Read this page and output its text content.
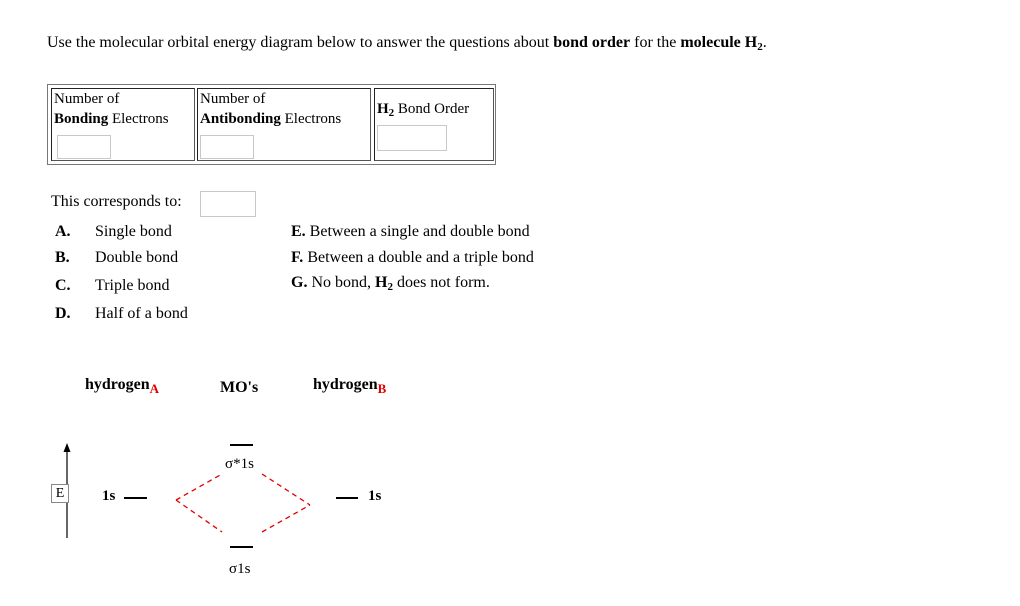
Use the molecular orbital energy diagram below to answer the questions about bond order for the molecule H2.
Number of
Bonding Electrons
Number of
Antibonding Electrons
$H_2$ Bond Order
This corresponds to:
A. Single bond
B. Double bond
C. Triple bond
D. Half of a bond
E. Between a single and double bond
F. Between a double and a triple bond
G. No bond, H2 does not form.
hydrogen$_A$	MO's	hydrogen$_B$
E	1s	1s
σ*1s
σ1s
